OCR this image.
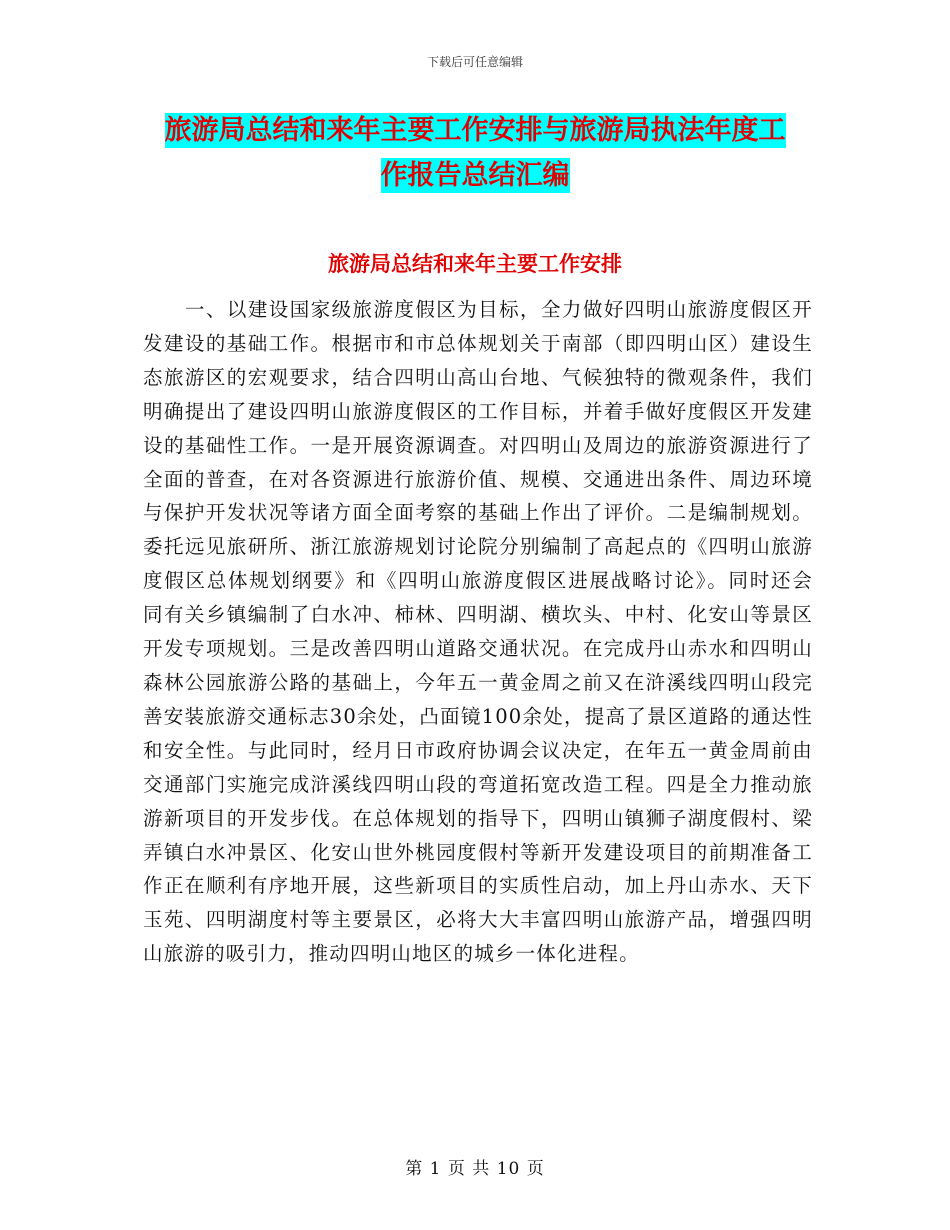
下载后可任意编辑
旅游局总结和来年主要工作安排与旅游局执法年度工
作报告总结汇编
旅游局总结和来年主要工作安排

一、以建设国家级旅游度假区为目标，全力做好四明山旅游度假区开发建设的基础工作。根据市和市总体规划关于南部（即四明山区）建设生态旅游区的宏观要求，结合四明山高山台地、气候独特的微观条件，我们明确提出了建设四明山旅游度假区的工作目标，并着手做好度假区开发建设的基础性工作。一是开展资源调查。对四明山及周边的旅游资源进行了全面的普查，在对各资源进行旅游价值、规模、交通进出条件、周边环境与保护开发状况等诸方面全面考察的基础上作出了评价。二是编制规划。委托远见旅研所、浙江旅游规划讨论院分别编制了高起点的《四明山旅游度假区总体规划纲要》和《四明山旅游度假区进展战略讨论》。同时还会同有关乡镇编制了白水冲、柿林、四明湖、横坎头、中村、化安山等景区开发专项规划。三是改善四明山道路交通状况。在完成丹山赤水和四明山森林公园旅游公路的基础上，今年五一黄金周之前又在浒溪线四明山段完善安装旅游交通标志30余处，凸面镜100余处，提高了景区道路的通达性和安全性。与此同时，经月日市政府协调会议决定，在年五一黄金周前由交通部门实施完成浒溪线四明山段的弯道拓宽改造工程。四是全力推动旅游新项目的开发步伐。在总体规划的指导下，四明山镇狮子湖度假村、梁弄镇白水冲景区、化安山世外桃园度假村等新开发建设项目的前期准备工作正在顺利有序地开展，这些新项目的实质性启动，加上丹山赤水、天下玉苑、四明湖度村等主要景区，必将大大丰富四明山旅游产品，增强四明山旅游的吸引力，推动四明山地区的城乡一体化进程。

第 1 页 共 10 页
